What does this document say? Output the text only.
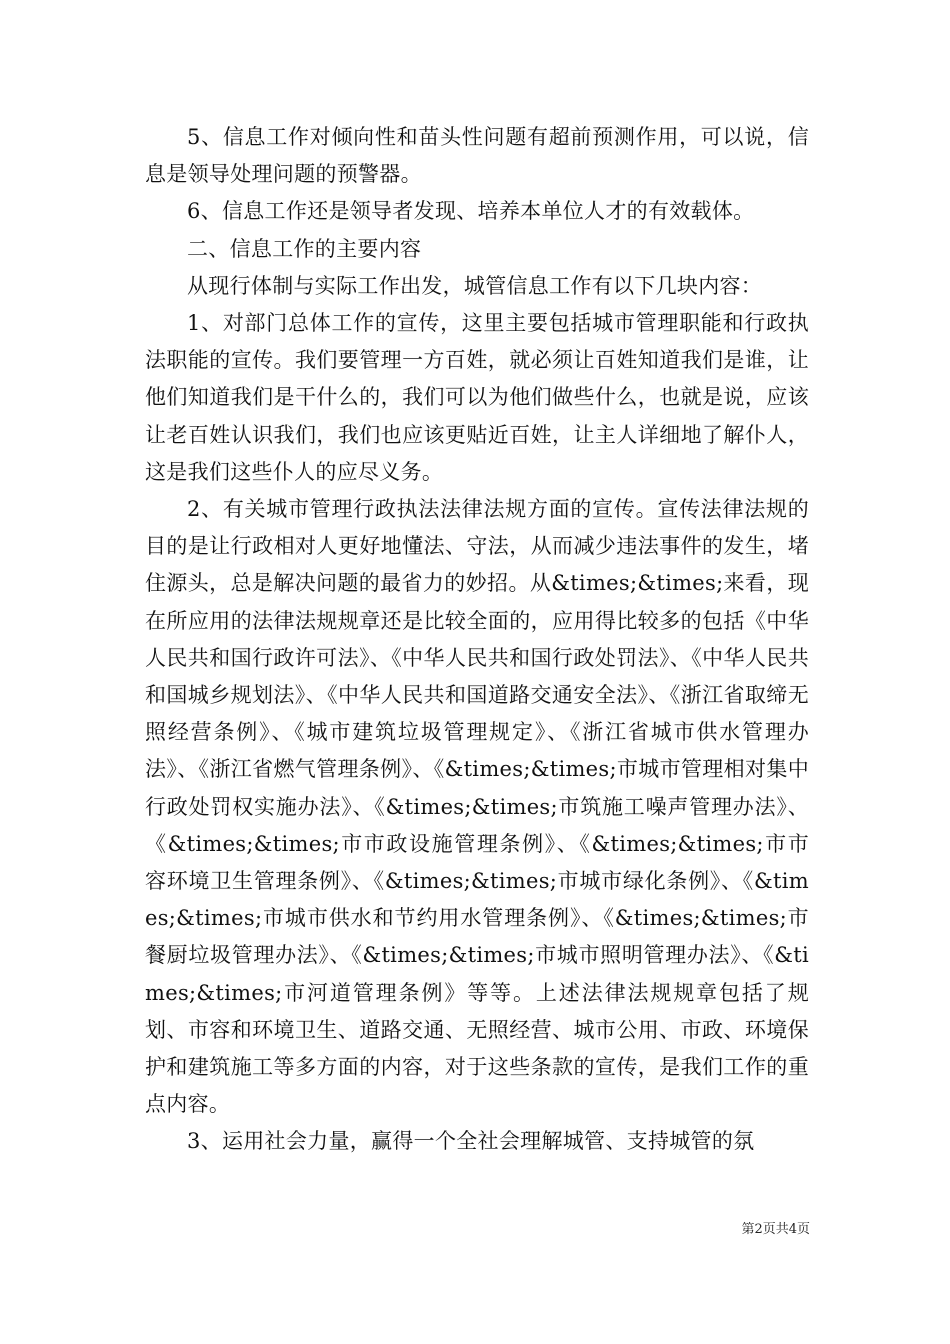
5、信息工作对倾向性和苗头性问题有超前预测作用，可以说，信息是领导处理问题的预警器。

6、信息工作还是领导者发现、培养本单位人才的有效载体。

二、信息工作的主要内容

从现行体制与实际工作出发，城管信息工作有以下几块内容：

1、对部门总体工作的宣传，这里主要包括城市管理职能和行政执法职能的宣传。我们要管理一方百姓，就必须让百姓知道我们是谁，让他们知道我们是干什么的，我们可以为他们做些什么，也就是说，应该让老百姓认识我们，我们也应该更贴近百姓，让主人详细地了解仆人，这是我们这些仆人的应尽义务。

2、有关城市管理行政执法法律法规方面的宣传。宣传法律法规的目的是让行政相对人更好地懂法、守法，从而减少违法事件的发生，堵住源头，总是解决问题的最省力的妙招。从&times;&times;来看，现在所应用的法律法规规章还是比较全面的，应用得比较多的包括《中华人民共和国行政许可法》、《中华人民共和国行政处罚法》、《中华人民共和国城乡规划法》、《中华人民共和国道路交通安全法》、《浙江省取缔无照经营条例》、《城市建筑垃圾管理规定》、《浙江省城市供水管理办法》、《浙江省燃气管理条例》、《&times;&times;市城市管理相对集中行政处罚权实施办法》、《&times;&times;市筑施工噪声管理办法》、《&times;&times;市市政设施管理条例》、《&times;&times;市市容环境卫生管理条例》、《&times;&times;市城市绿化条例》、《&times;&times;市城市供水和节约用水管理条例》、《&times;&times;市餐厨垃圾管理办法》、《&times;&times;市城市照明管理办法》、《&times;&times;市河道管理条例》等等。上述法律法规规章包括了规划、市容和环境卫生、道路交通、无照经营、城市公用、市政、环境保护和建筑施工等多方面的内容，对于这些条款的宣传，是我们工作的重点内容。

3、运用社会力量，赢得一个全社会理解城管、支持城管的氛

第2页共4页
